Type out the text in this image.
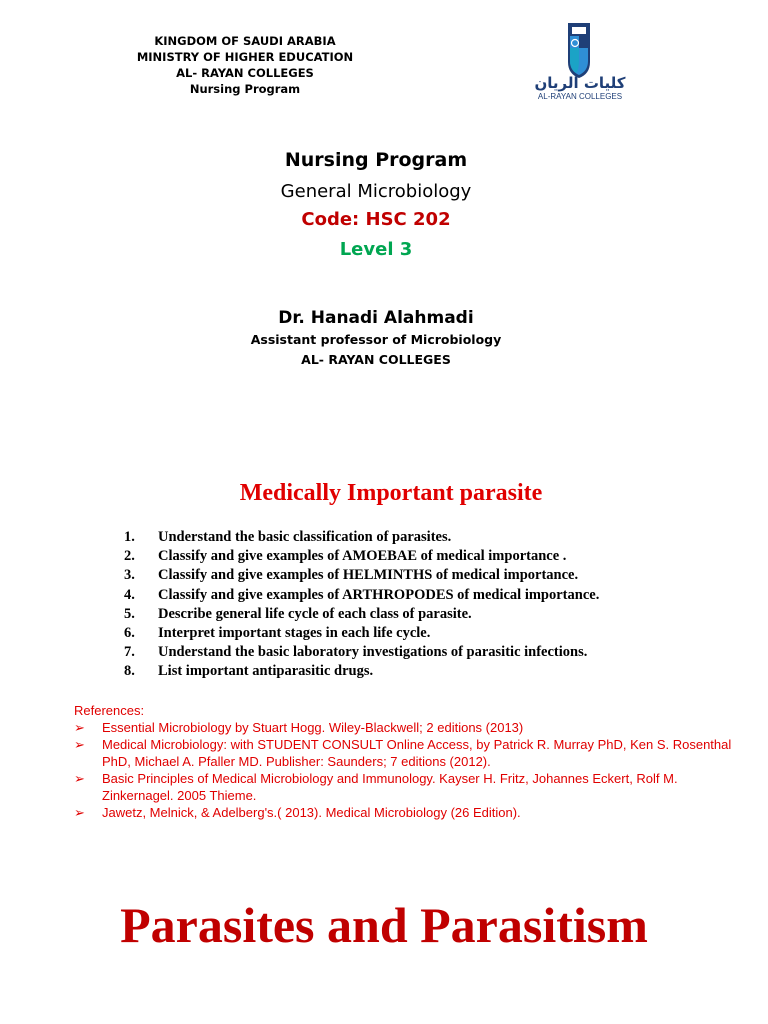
KINGDOM OF SAUDI ARABIA
MINISTRY OF HIGHER EDUCATION
AL- RAYAN COLLEGES
Nursing Program	كليات الريان
AL-RAYAN COLLEGES
Nursing Program
General Microbiology
Code: HSC 202
Level 3
Dr. Hanadi Alahmadi
Assistant professor of Microbiology
AL- RAYAN COLLEGES
Medically Important parasite
1.	Understand the basic classification of parasites.
2.	Classify and give examples of AMOEBAE of medical importance .
3.	Classify and give examples of HELMINTHS of medical importance.
4.	Classify and give examples of ARTHROPODES of medical importance.
5.	Describe general life cycle of each class of parasite.
6.	Interpret important stages in each life cycle.
7.	Understand the basic laboratory investigations of parasitic infections.
8.	List important antiparasitic drugs.
References:
➢ Essential Microbiology by Stuart Hogg. Wiley-Blackwell; 2 editions (2013)
➢ Medical Microbiology: with STUDENT CONSULT Online Access, by Patrick R. Murray PhD, Ken S. Rosenthal PhD, Michael A. Pfaller MD. Publisher: Saunders; 7 editions (2012).
➢ Basic Principles of Medical Microbiology and Immunology. Kayser H. Fritz, Johannes Eckert, Rolf M. Zinkernagel. 2005 Thieme.
➢ Jawetz, Melnick, & Adelberg's.( 2013). Medical Microbiology (26 Edition).
Parasites and Parasitism
